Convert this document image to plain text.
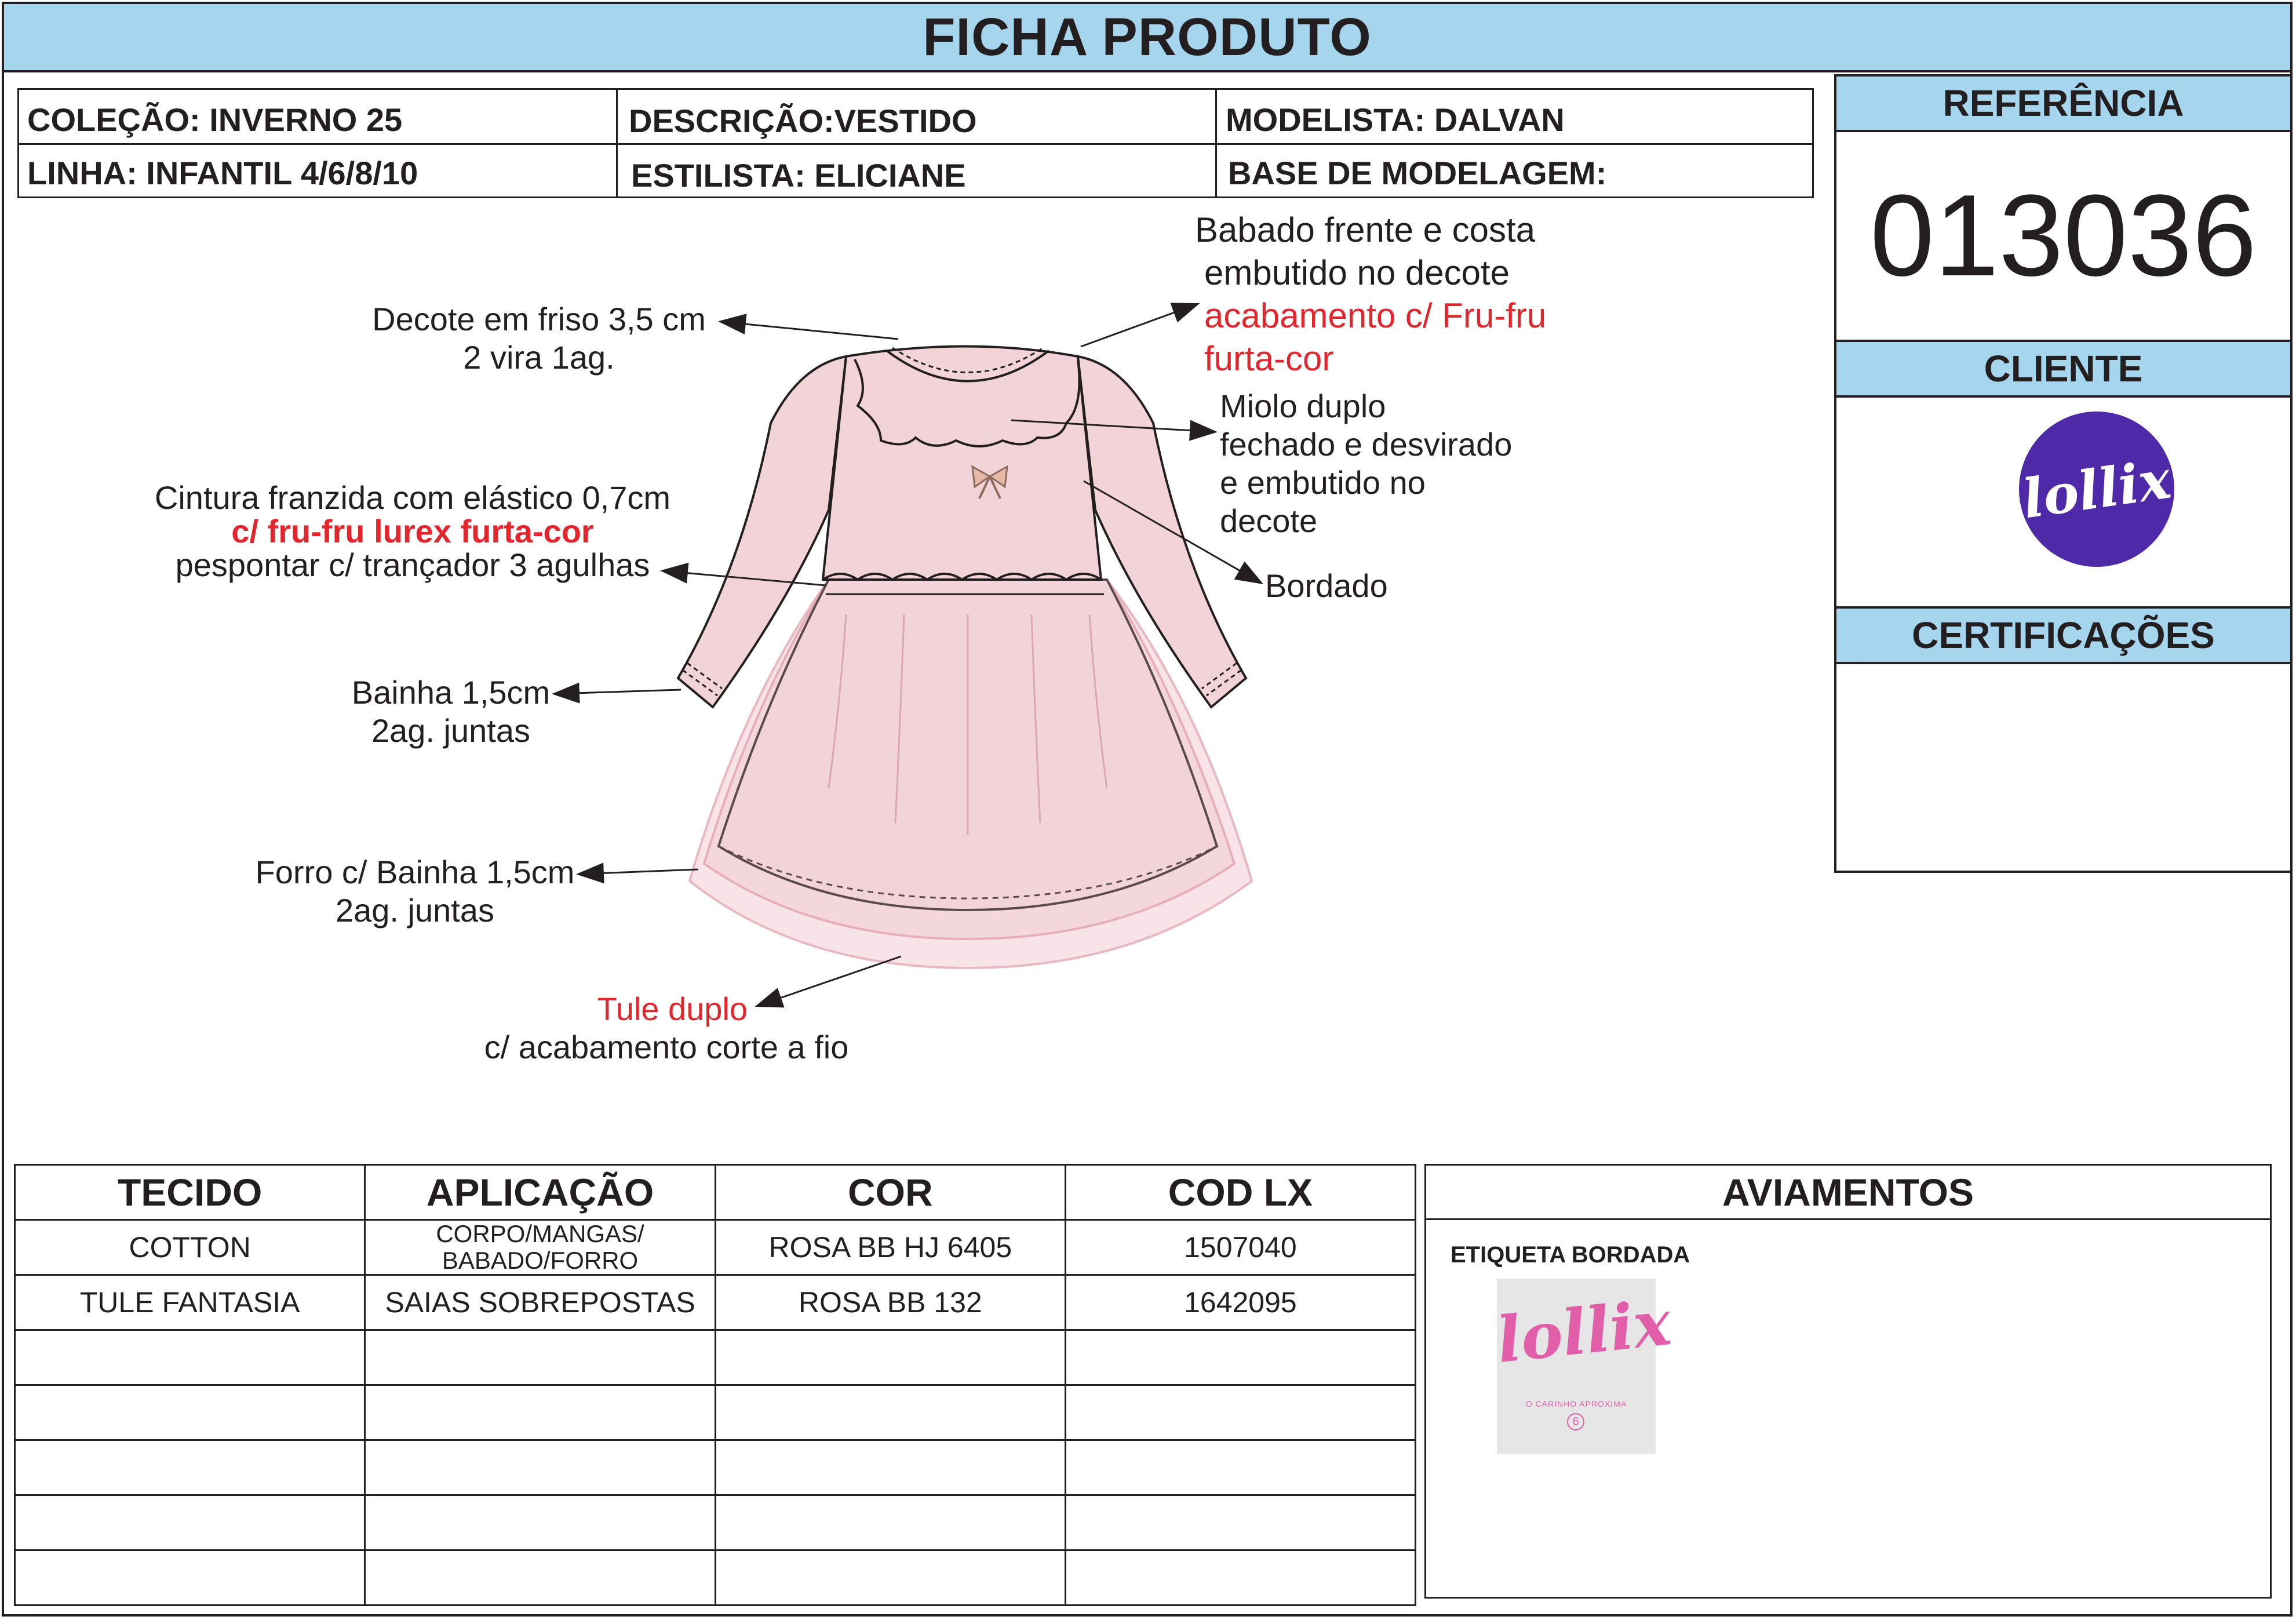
FICHA PRODUTO
COLEÇÃO: INVERNO 25	DESCRIÇÃO:VESTIDO	MODELISTA: DALVAN
LINHA: INFANTIL 4/6/8/10	ESTILISTA: ELICIANE	BASE DE MODELAGEM:
REFERÊNCIA
013036
CLIENTE
lollix
CERTIFICAÇÕES
Babado frente e costa
embutido no decote
acabamento c/ Fru-fru
furta-cor
Decote em friso 3,5 cm
2 vira 1ag.
Miolo duplo
fechado e desvirado
e embutido no
decote
Cintura franzida com elástico 0,7cm
c/ fru-fru lurex furta-cor
pespontar c/ trançador 3 agulhas
Bordado
Bainha 1,5cm
2ag. juntas
Forro c/ Bainha 1,5cm
2ag. juntas
Tule duplo
c/ acabamento corte a fio
TECIDO	APLICAÇÃO	COR	COD LX
COTTON	CORPO/MANGAS/
BABADO/FORRO	ROSA BB HJ 6405	1507040
TULE FANTASIA	SAIAS SOBREPOSTAS	ROSA BB 132	1642095

AVIAMENTOS
ETIQUETA BORDADA
lollix
O CARINHO APROXIMA
6
